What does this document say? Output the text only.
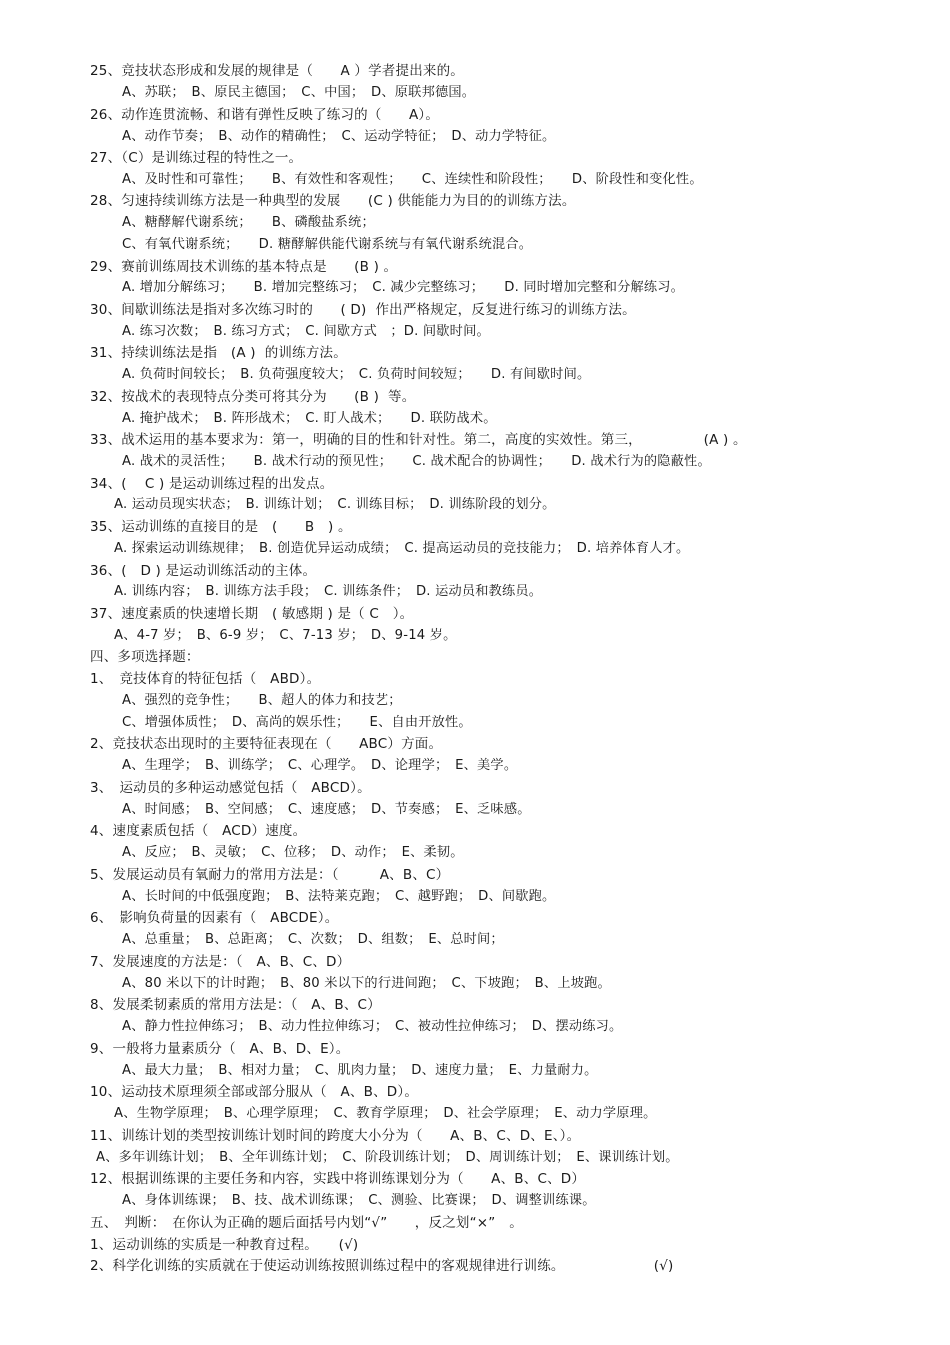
25、竞技状态形成和发展的规律是（　　A ）学者提出来的。
A、苏联；　B、原民主德国；　C、中国；　D、原联邦德国。
26、动作连贯流畅、和谐有弹性反映了练习的（　　A）。
A、动作节奏；　B、动作的精确性；　C、运动学特征；　D、动力学特征。
27、（C）是训练过程的特性之一。
A、及时性和可靠性；　　B、有效性和客观性；　　C、连续性和阶段性；　　D、阶段性和变化性。
28、匀速持续训练方法是一种典型的发展　　(C ) 供能能力为目的的训练方法。
A、糖酵解代谢系统；　　B、磷酸盐系统；
C、有氧代谢系统；　　D. 糖酵解供能代谢系统与有氧代谢系统混合。
29、赛前训练周技术训练的基本特点是　　(B ) 。
A. 增加分解练习；　　B. 增加完整练习；　C. 减少完整练习；　　D. 同时增加完整和分解练习。
30、间歇训练法是指对多次练习时的　　( D)  作出严格规定，反复进行练习的训练方法。
A. 练习次数；　B. 练习方式；　C. 间歇方式　；D. 间歇时间。
31、持续训练法是指　(A )  的训练方法。
A. 负荷时间较长；　B. 负荷强度较大；　C. 负荷时间较短；　　D. 有间歇时间。
32、按战术的表现特点分类可将其分为　　(B )  等。
A. 掩护战术；　B. 阵形战术；　C. 盯人战术；　　D. 联防战术。
33、战术运用的基本要求为：第一，明确的目的性和针对性。第二，高度的实效性。第三，　　　　　(A ) 。
A. 战术的灵活性；　　B. 战术行动的预见性；　　C. 战术配合的协调性；　　D. 战术行为的隐蔽性。
34、(　 C ) 是运动训练过程的出发点。
A. 运动员现实状态；　B. 训练计划；　C. 训练目标；　D. 训练阶段的划分。
35、运动训练的直接目的是　(　　B　) 。
A. 探索运动训练规律；　B. 创造优异运动成绩；　C. 提高运动员的竞技能力；　D. 培养体育人才。
36、(　D ) 是运动训练活动的主体。
A. 训练内容；　B. 训练方法手段；　C. 训练条件；　D. 运动员和教练员。
37、速度素质的快速增长期　( 敏感期 ) 是（ C　）。
A、4-7 岁；　B、6-9 岁；　C、7-13 岁；　D、9-14 岁。
四、多项选择题：
1、　竞技体育的特征包括（　ABD）。
A、强烈的竞争性；　　B、超人的体力和技艺；
C、增强体质性；　D、高尚的娱乐性；　　E、自由开放性。
2、竞技状态出现时的主要特征表现在（　　ABC）方面。
A、生理学；　B、训练学；　C、心理学。　D、论理学；　E、美学。
3、　运动员的多种运动感觉包括（　ABCD）。
A、时间感；　B、空间感；　C、速度感；　D、节奏感；　E、乏味感。
4、速度素质包括（　ACD）速度。
A、反应；　B、灵敏；　C、位移；　D、动作；　E、柔韧。
5、发展运动员有氧耐力的常用方法是：（　　　A、B、C）
A、长时间的中低强度跑；　B、法特莱克跑；　C、越野跑；　D、间歇跑。
6、　影响负荷量的因素有（　ABCDE）。
A、总重量；　B、总距离；　C、次数；　D、组数；　E、总时间；
7、发展速度的方法是：（　A、B、C、D）
A、80 米以下的计时跑；　B、80 米以下的行进间跑；　C、下坡跑；　B、上坡跑。
8、发展柔韧素质的常用方法是：（　A、B、C）
A、静力性拉伸练习；　B、动力性拉伸练习；　C、被动性拉伸练习；　D、摆动练习。
9、一般将力量素质分（　A、B、D、E）。
A、最大力量；　B、相对力量；　C、肌肉力量；　D、速度力量；　E、力量耐力。
10、运动技术原理须全部或部分服从（　A、B、D）。
A、生物学原理；　B、心理学原理；　C、教育学原理；　D、社会学原理；　E、动力学原理。
11、训练计划的类型按训练计划时间的跨度大小分为（　　A、B、C、D、E、）。
A、多年训练计划；　B、全年训练计划；　C、阶段训练计划；　D、周训练计划；　E、课训练计划。
12、根据训练课的主要任务和内容，实践中将训练课划分为（　　A、B、C、D）
A、身体训练课；　B、技、战术训练课；　C、测验、比赛课；　D、调整训练课。
五、　判断：　在你认为正确的题后面括号内划“√”　　，反之划“×”　。
1、运动训练的实质是一种教育过程。　　(√)
2、科学化训练的实质就在于使运动训练按照训练过程中的客观规律进行训练。　　　　　　　(√)
